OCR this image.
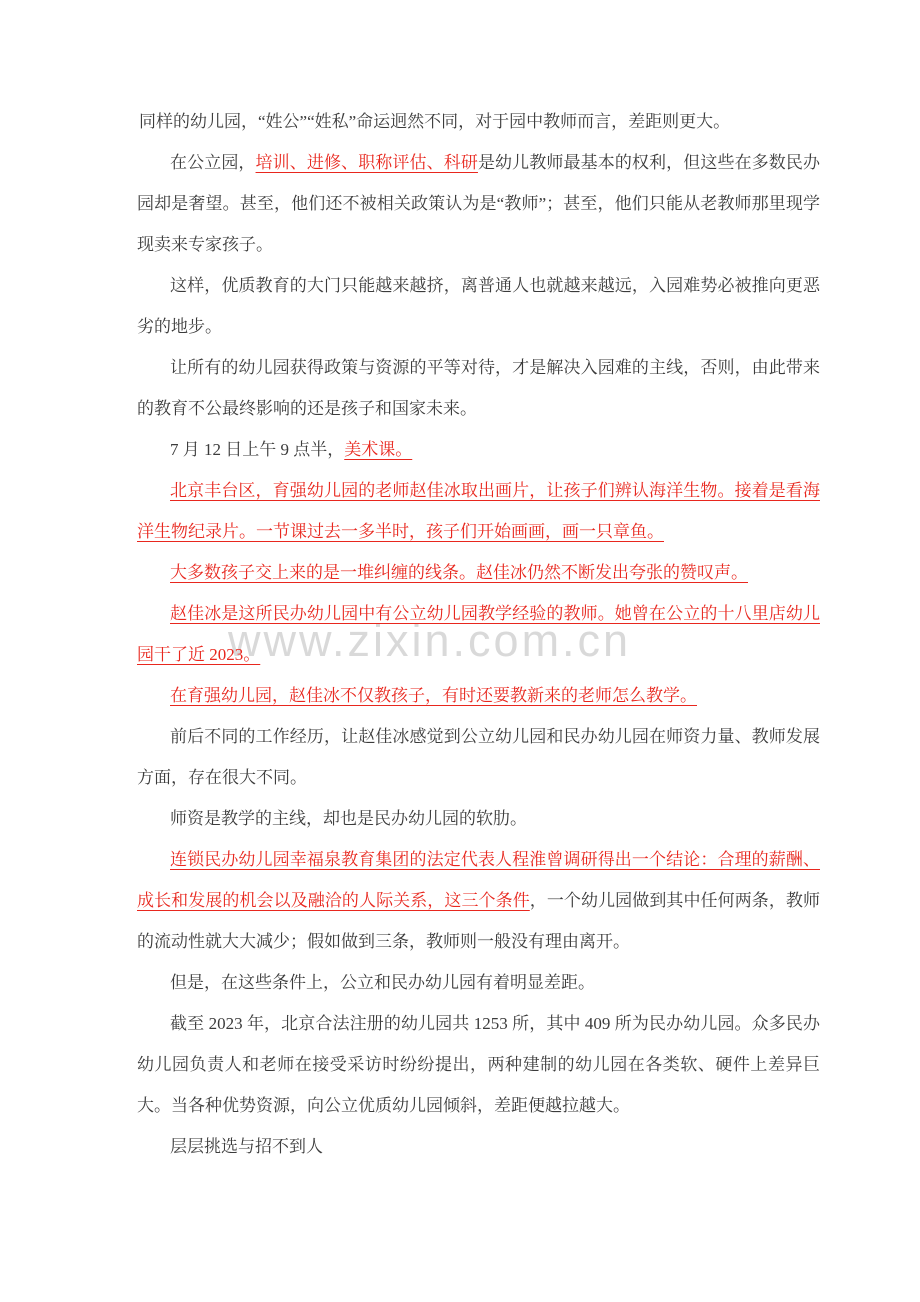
www.zixin.com.cn

同样的幼儿园，“姓公”“姓私”命运迥然不同，对于园中教师而言，差距则更大。

在公立园，培训、进修、职称评估、科研是幼儿教师最基本的权利，但这些在多数民办园却是奢望。甚至，他们还不被相关政策认为是“教师”；甚至，他们只能从老教师那里现学现卖来专家孩子。

这样，优质教育的大门只能越来越挤，离普通人也就越来越远，入园难势必被推向更恶劣的地步。

让所有的幼儿园获得政策与资源的平等对待，才是解决入园难的主线，否则，由此带来的教育不公最终影响的还是孩子和国家未来。

7 月 12 日上午 9 点半，美术课。

北京丰台区，育强幼儿园的老师赵佳冰取出画片，让孩子们辨认海洋生物。接着是看海洋生物纪录片。一节课过去一多半时，孩子们开始画画，画一只章鱼。

大多数孩子交上来的是一堆纠缠的线条。赵佳冰仍然不断发出夸张的赞叹声。

赵佳冰是这所民办幼儿园中有公立幼儿园教学经验的教师。她曾在公立的十八里店幼儿园干了近 2023。

在育强幼儿园，赵佳冰不仅教孩子，有时还要教新来的老师怎么教学。

前后不同的工作经历，让赵佳冰感觉到公立幼儿园和民办幼儿园在师资力量、教师发展方面，存在很大不同。

师资是教学的主线，却也是民办幼儿园的软肋。

连锁民办幼儿园幸福泉教育集团的法定代表人程淮曾调研得出一个结论：合理的薪酬、成长和发展的机会以及融洽的人际关系，这三个条件，一个幼儿园做到其中任何两条，教师的流动性就大大减少；假如做到三条，教师则一般没有理由离开。

但是，在这些条件上，公立和民办幼儿园有着明显差距。

截至 2023 年，北京合法注册的幼儿园共 1253 所，其中 409 所为民办幼儿园。众多民办幼儿园负责人和老师在接受采访时纷纷提出，两种建制的幼儿园在各类软、硬件上差异巨大。当各种优势资源，向公立优质幼儿园倾斜，差距便越拉越大。

层层挑选与招不到人
